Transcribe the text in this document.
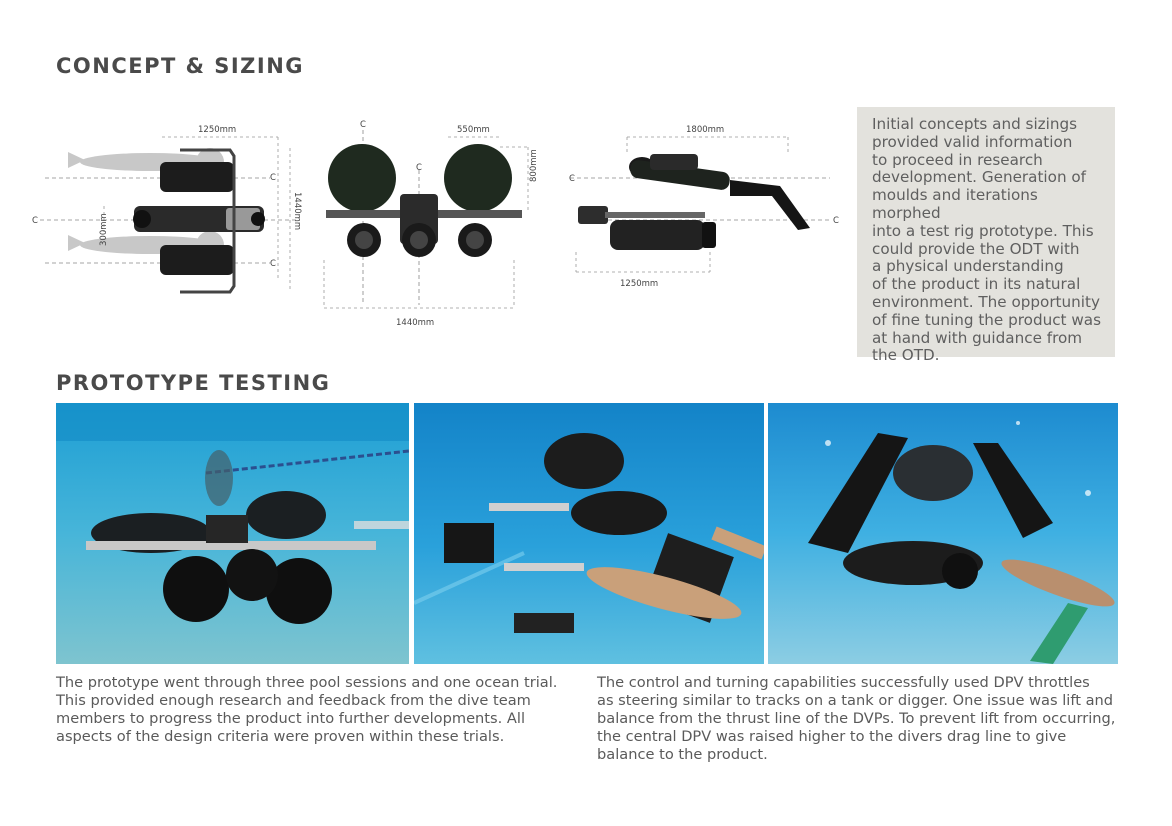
CONCEPT & SIZING
1250mm
1440mm
300mm
C
C
C
550mm
800mm
1440mm
C
C
1800mm
1250mm
C
C

Initial concepts and sizings

provided valid information

to proceed in research

development. Generation of

moulds and iterations morphed

into a test rig prototype. This

could provide the ODT with

a physical understanding

of the product in its natural

environment. The opportunity

of fine tuning the product was

at hand with guidance from

the OTD.

PROTOTYPE TESTING

The prototype went through three pool sessions and one ocean trial.
This provided enough research and feedback from the dive team
members to progress the product into further developments. All
aspects of the design criteria were proven within these trials.

The control and turning capabilities successfully used DPV throttles
as steering similar to tracks on a tank or digger. One issue was lift and
balance from the thrust line of the DVPs. To prevent lift from occurring,
the central DPV was raised higher to the divers drag line to give
balance to the product.
